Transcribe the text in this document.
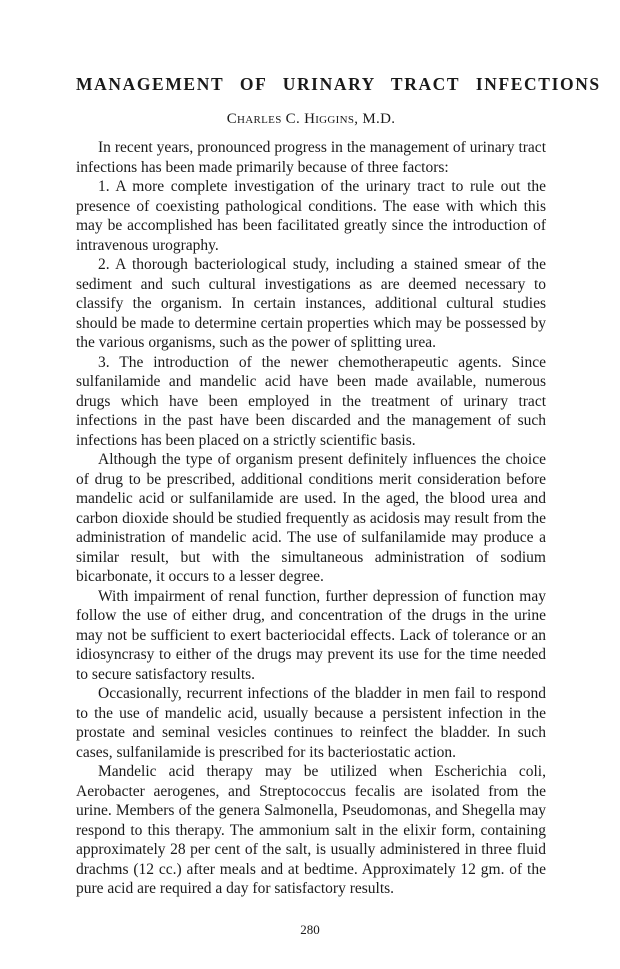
MANAGEMENT OF URINARY TRACT INFECTIONS
Charles C. Higgins, M.D.

In recent years, pronounced progress in the management of urinary tract infections has been made primarily because of three factors:

1. A more complete investigation of the urinary tract to rule out the presence of coexisting pathological conditions. The ease with which this may be accomplished has been facilitated greatly since the introduction of intravenous urography.

2. A thorough bacteriological study, including a stained smear of the sediment and such cultural investigations as are deemed necessary to classify the organism. In certain instances, additional cultural studies should be made to determine certain properties which may be possessed by the various organisms, such as the power of splitting urea.

3. The introduction of the newer chemotherapeutic agents. Since sulfanilamide and mandelic acid have been made available, numerous drugs which have been employed in the treatment of urinary tract infections in the past have been discarded and the management of such infections has been placed on a strictly scientific basis.

Although the type of organism present definitely influences the choice of drug to be prescribed, additional conditions merit consideration before mandelic acid or sulfanilamide are used. In the aged, the blood urea and carbon dioxide should be studied frequently as acidosis may result from the administration of mandelic acid. The use of sulfanilamide may produce a similar result, but with the simultaneous administration of sodium bicarbonate, it occurs to a lesser degree.

With impairment of renal function, further depression of function may follow the use of either drug, and concentration of the drugs in the urine may not be sufficient to exert bacteriocidal effects. Lack of tolerance or an idiosyncrasy to either of the drugs may prevent its use for the time needed to secure satisfactory results.

Occasionally, recurrent infections of the bladder in men fail to respond to the use of mandelic acid, usually because a persistent infection in the prostate and seminal vesicles continues to reinfect the bladder. In such cases, sulfanilamide is prescribed for its bacteriostatic action.

Mandelic acid therapy may be utilized when Escherichia coli, Aerobacter aerogenes, and Streptococcus fecalis are isolated from the urine. Members of the genera Salmonella, Pseudomonas, and Shegella may respond to this therapy. The ammonium salt in the elixir form, containing approximately 28 per cent of the salt, is usually administered in three fluid drachms (12 cc.) after meals and at bedtime. Approximately 12 gm. of the pure acid are required a day for satisfactory results.

280
